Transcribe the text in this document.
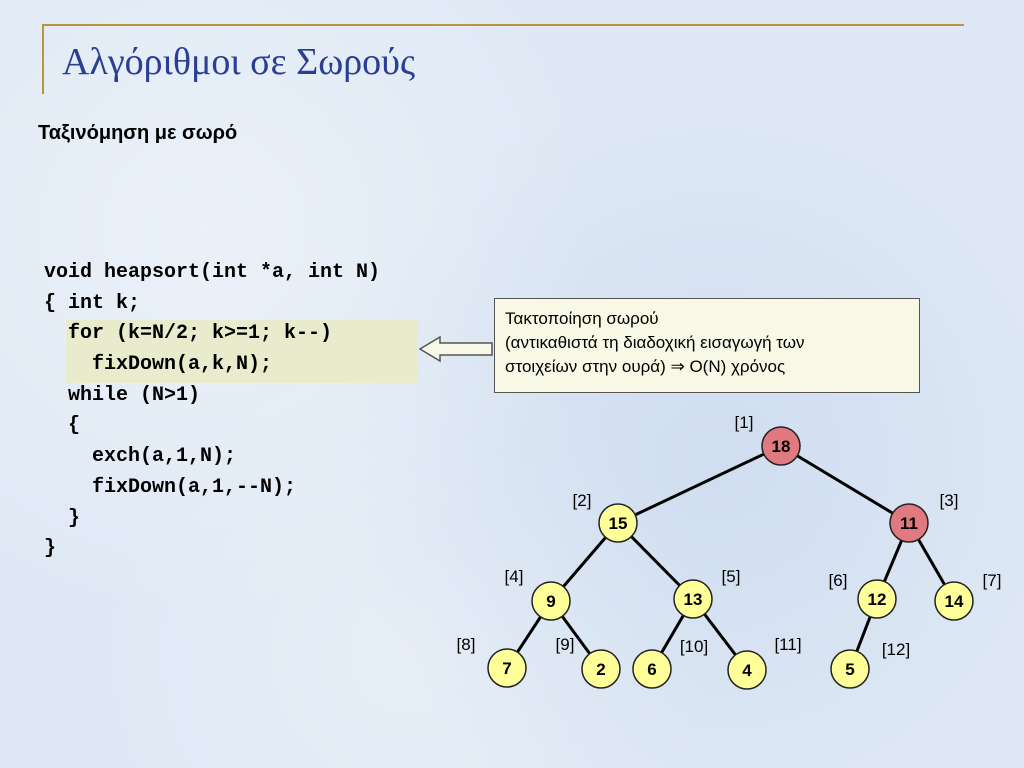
Αλγόριθμοι σε Σωρούς
Ταξινόμηση με σωρό
void heapsort(int *a, int N)
{ int k;
for (k=N/2; k>=1; k--)
fixDown(a,k,N);
while (N>1)
{
exch(a,1,N);
fixDown(a,1,--N);
}
}
Τακτοποίηση σωρού
(αντικαθιστά τη διαδοχική εισαγωγή των
στοιχείων στην ουρά) ⇒ O(N) χρόνος
18
[1]
15
[2]
11
[3]
9
[4]
13
[5]
12
[6]
14
[7]
7
[8]
2
[9]
6
[10]
4
[11]
5
[12]
